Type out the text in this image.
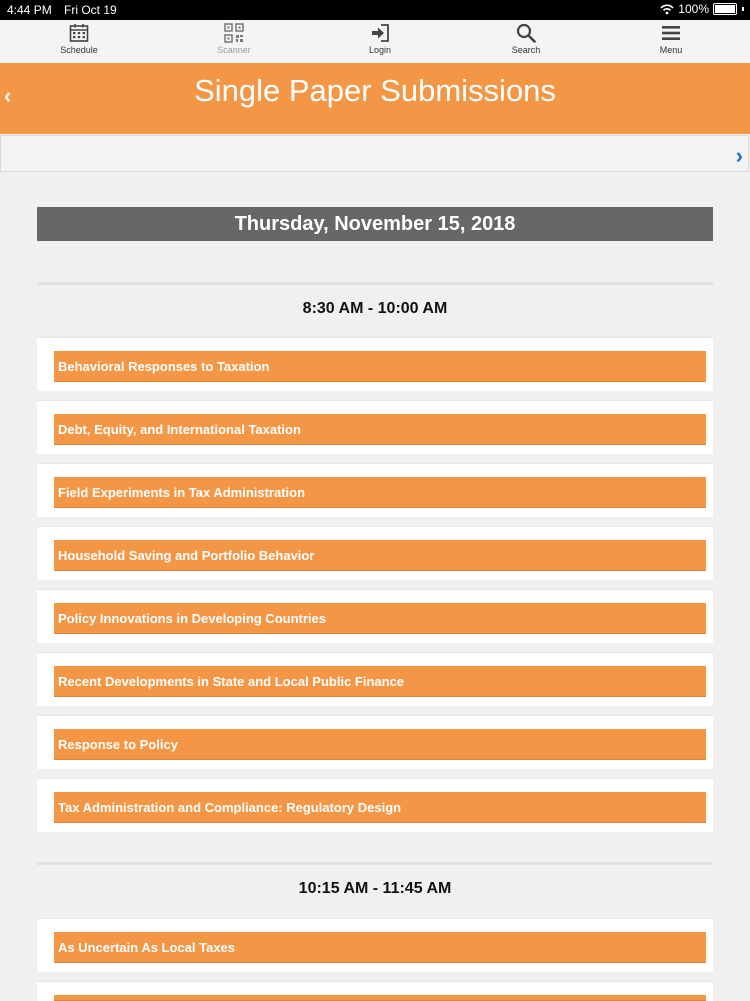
4:44 PM Fri Oct 19	100%
Schedule	Scanner	Login	Search	Menu
‹	Single Paper Submissions
›
Thursday, November 15, 2018
8:30 AM - 10:00 AM
Behavioral Responses to Taxation
Debt, Equity, and International Taxation
Field Experiments in Tax Administration
Household Saving and Portfolio Behavior
Policy Innovations in Developing Countries
Recent Developments in State and Local Public Finance
Response to Policy
Tax Administration and Compliance: Regulatory Design
10:15 AM - 11:45 AM
As Uncertain As Local Taxes
